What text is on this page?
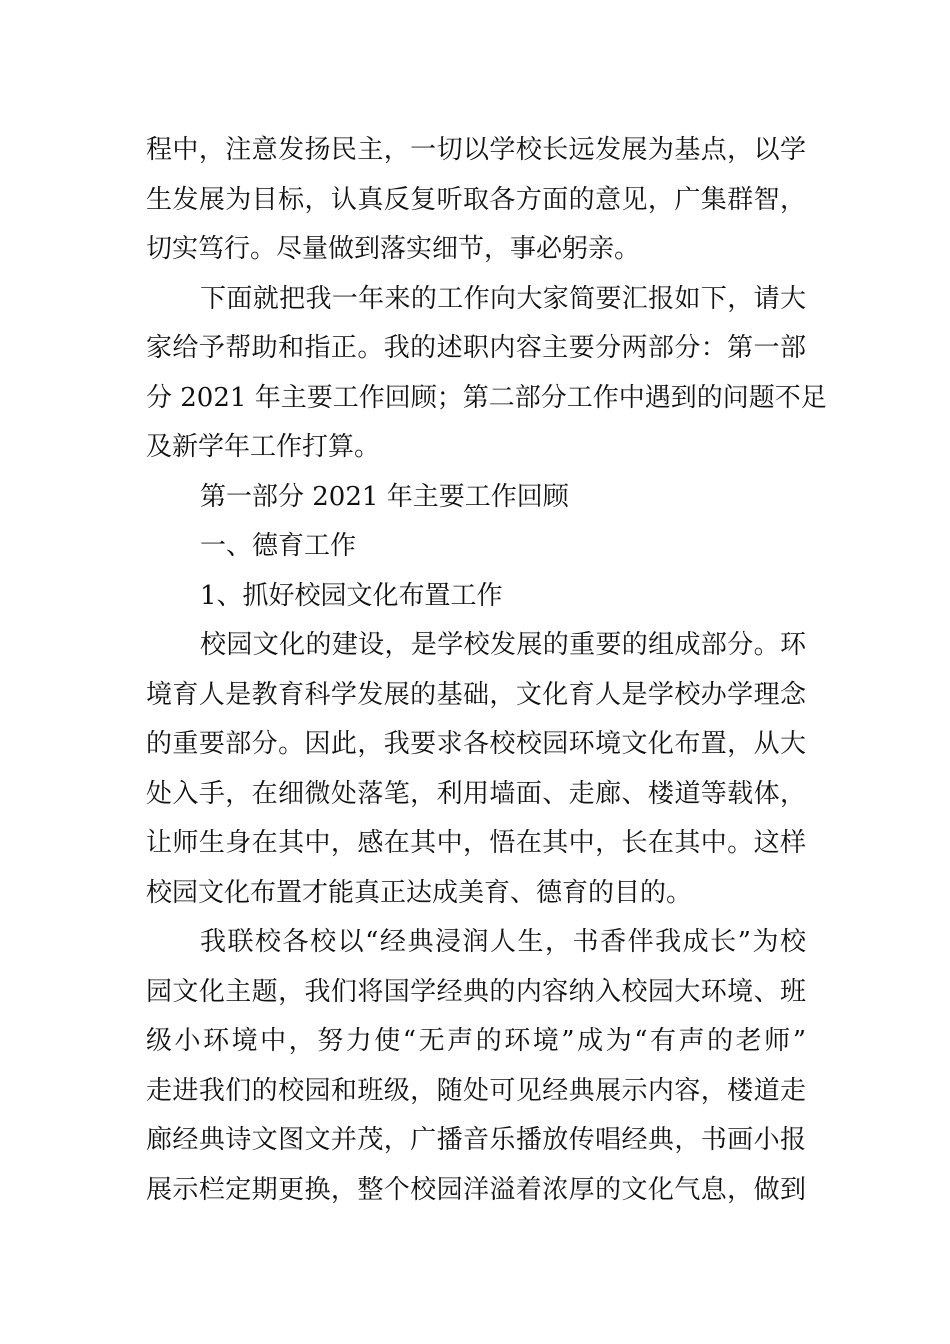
程中，注意发扬民主，一切以学校长远发展为基点，以学
生发展为目标，认真反复听取各方面的意见，广集群智，
切实笃行。尽量做到落实细节，事必躬亲。
下面就把我一年来的工作向大家简要汇报如下，请大
家给予帮助和指正。我的述职内容主要分两部分：第一部
分 2021 年主要工作回顾；第二部分工作中遇到的问题不足
及新学年工作打算。
第一部分 2021 年主要工作回顾
一、德育工作
1、抓好校园文化布置工作
校园文化的建设，是学校发展的重要的组成部分。环
境育人是教育科学发展的基础，文化育人是学校办学理念
的重要部分。因此，我要求各校校园环境文化布置，从大
处入手，在细微处落笔，利用墙面、走廊、楼道等载体，
让师生身在其中，感在其中，悟在其中，长在其中。这样
校园文化布置才能真正达成美育、德育的目的。
我联校各校以“经典浸润人生，书香伴我成长”为校
园文化主题，我们将国学经典的内容纳入校园大环境、班
级小环境中，努力使“无声的环境”成为“有声的老师”
走进我们的校园和班级，随处可见经典展示内容，楼道走
廊经典诗文图文并茂，广播音乐播放传唱经典，书画小报
展示栏定期更换，整个校园洋溢着浓厚的文化气息，做到
